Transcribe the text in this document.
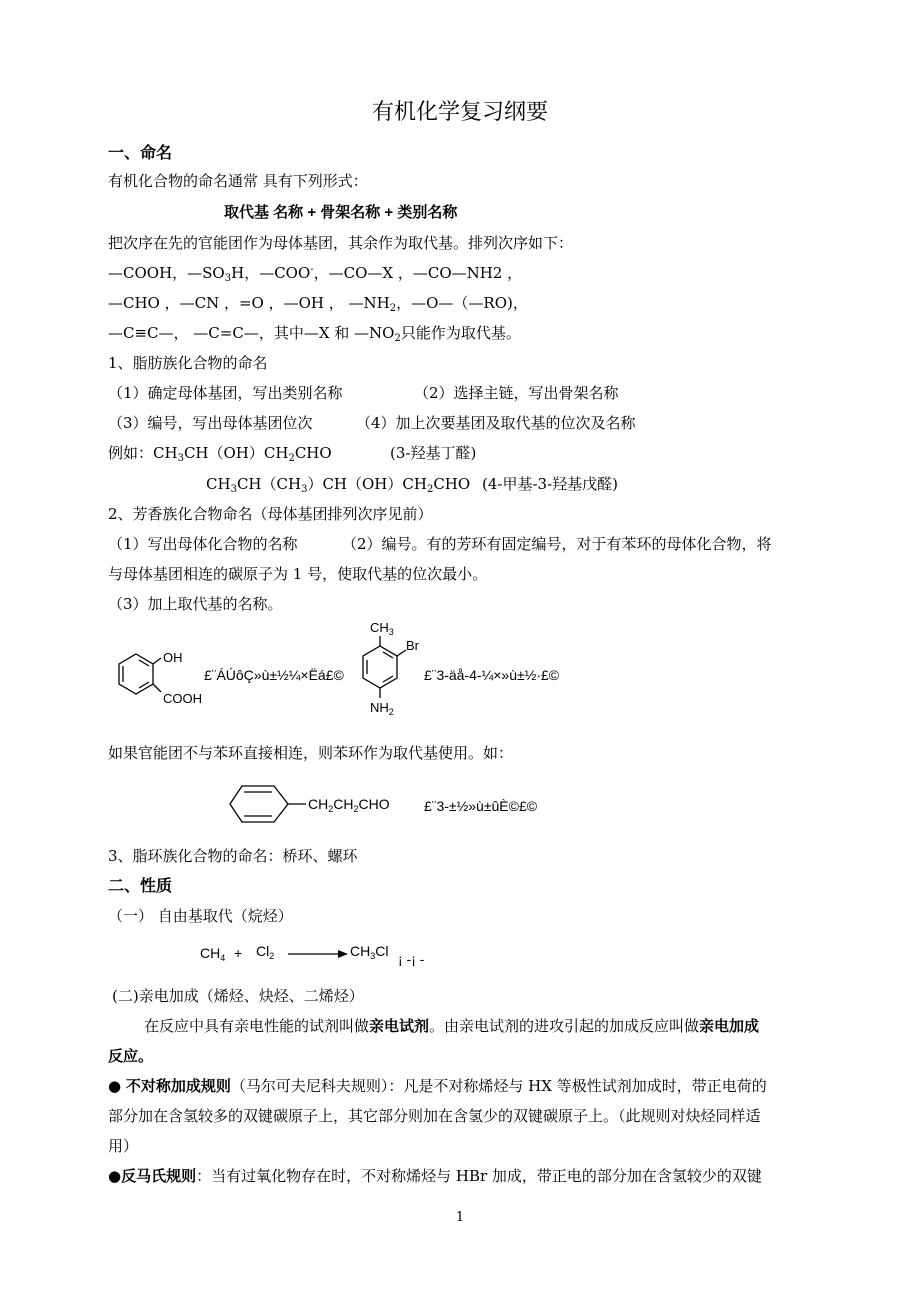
有机化学复习纲要
一、命名
有机化合物的命名通常 具有下列形式：
取代基 名称 + 骨架名称 + 类别名称
把次序在先的官能团作为母体基团，其余作为取代基。排列次序如下：
—COOH，$—SO_3H$，—COO-，—CO—X ，—CO—NH2 ，
—CHO ，—CN ，=O ，—OH ， $—NH_2$，—O—（—RO)，
—C≡C—， —C=C—，其中—X 和 $—NO_2$只能作为取代基。
1、脂肪族化合物的命名
（1）确定母体基团，写出类别名称	（2）选择主链，写出骨架名称
（3）编号，写出母体基团位次	（4）加上次要基团及取代基的位次及名称
例如：$CH_3CH(OH)CH_2CHO$	(3-羟基丁醛)
$CH_3CH(CH_3)CH(OH)CH_2CHO$ (4-甲基-3-羟基戊醛)
2、芳香族化合物命名（母体基团排列次序见前）
（1）写出母体化合物的名称	（2）编号。有的芳环有固定编号，对于有苯环的母体化合物，将
与母体基团相连的碳原子为 1 号，使取代基的位次最小。
（3）加上取代基的名称。
OH
COOH
£¨ÁÚôÇ»ù±½¼×Ëá£©
$CH_3$
Br
$NH_2$
£¨3-äå-4-¼×»ù±½·£©
如果官能团不与苯环直接相连，则苯环作为取代基使用。如：
$CH_2CH_2CHO$ £¨3-±½»ù±ûÈ©£©
3、脂环族化合物的命名：桥环、螺环
二、性质
（一） 自由基取代（烷烃）
$CH_4 + Cl_2$	$CH_3Cl$ ¡ -¡ -
(二)亲电加成（烯烃、炔烃、二烯烃）
在反应中具有亲电性能的试剂叫做亲电试剂。由亲电试剂的进攻引起的加成反应叫做亲电加成
反应。
● 不对称加成规则（马尔可夫尼科夫规则）：凡是不对称烯烃与 HX 等极性试剂加成时，带正电荷的
部分加在含氢较多的双键碳原子上，其它部分则加在含氢少的双键碳原子上。（此规则对炔烃同样适
用）
●反马氏规则：当有过氧化物存在时，不对称烯烃与 HBr 加成，带正电的部分加在含氢较少的双键
1
